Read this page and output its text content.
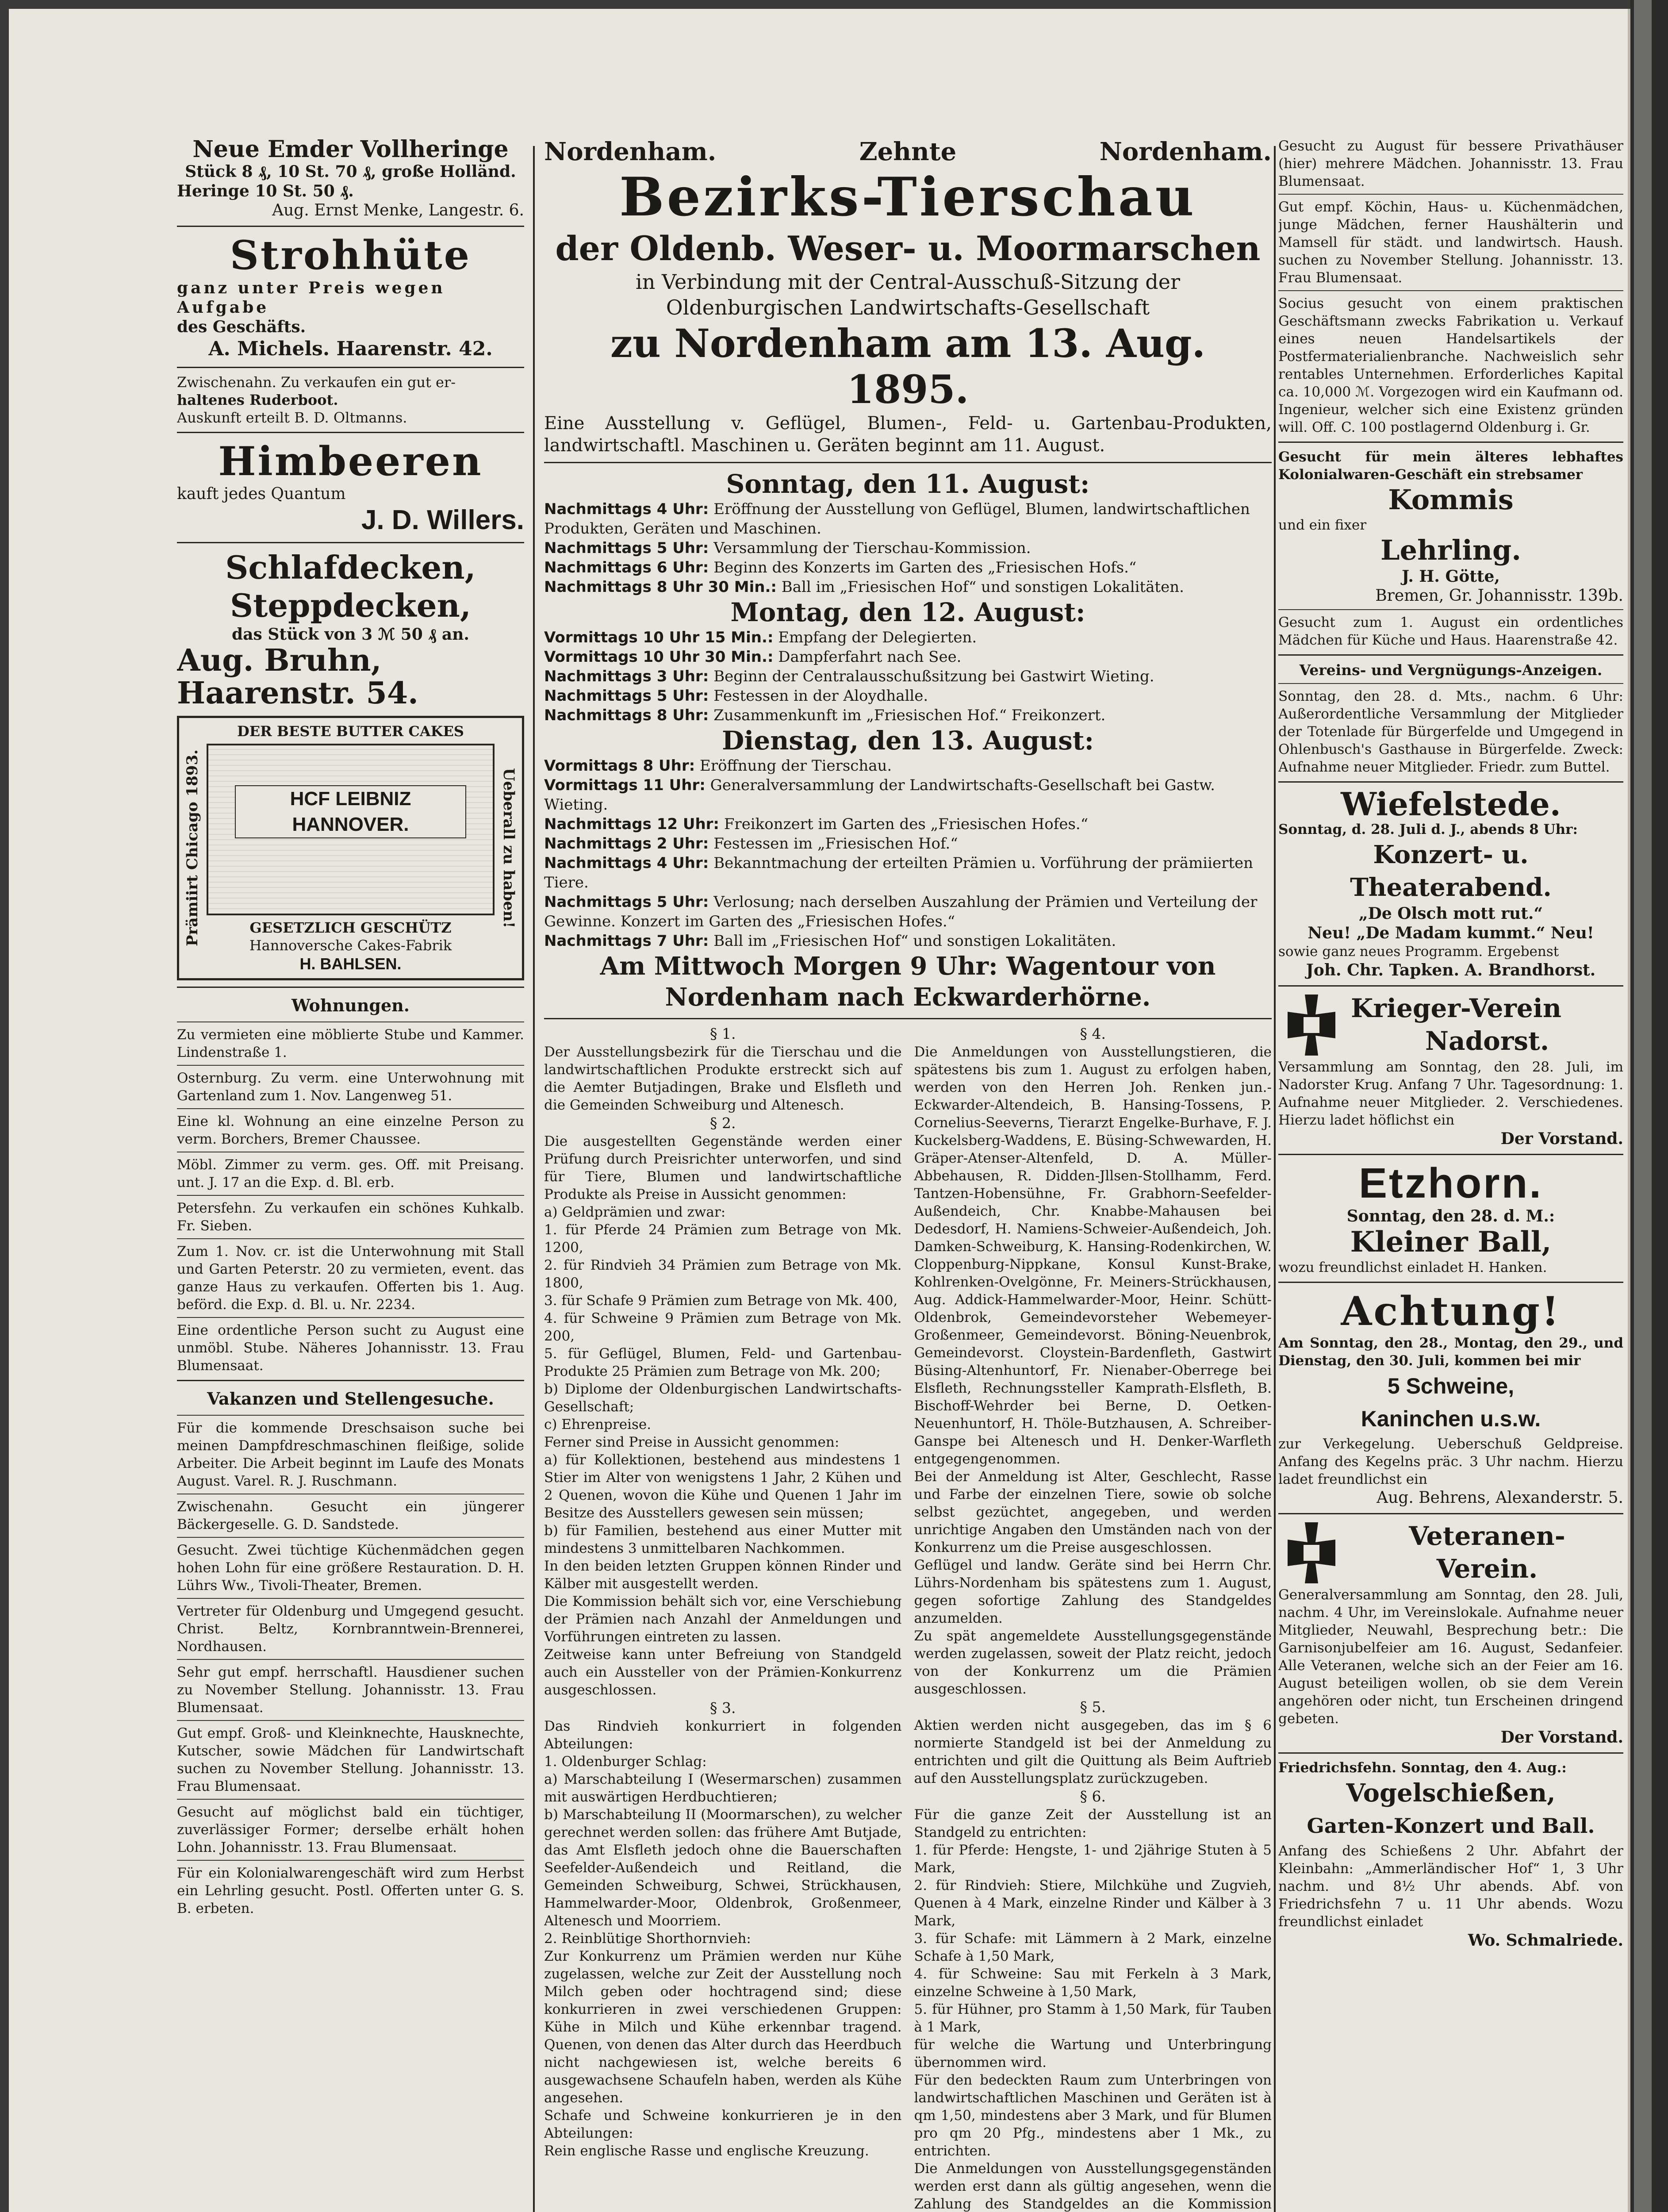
Neue Emder Vollheringe
Stück 8 ₰, 10 St. 70 ₰, große Holländ.
Heringe 10 St. 50 ₰.
Aug. Ernst Menke, Langestr. 6.
Strohhüte
ganz unter Preis wegen Aufgabe
des Geschäfts.
A. Michels. Haarenstr. 42.
Zwischenahn. Zu verkaufen ein gut er-
haltenes Ruderboot.
Auskunft erteilt B. D. Oltmanns.
Himbeeren
kauft jedes Quantum
J. D. Willers.
Schlafdecken,
Steppdecken,
das Stück von 3 ℳ 50 ₰ an.
Aug. Bruhn, Haarenstr. 54.
Prämiirt Chicago 1893.
DER BESTE BUTTER CAKES
HCF LEIBNIZ HANNOVER.
GESETZLICH GESCHÜTZ
Hannoversche Cakes-Fabrik
H. BAHLSEN.
Ueberall zu haben!
Wohnungen.
Zu vermieten eine möblierte Stube und Kammer. Lindenstraße 1.
Osternburg. Zu verm. eine Unterwohnung mit Gartenland zum 1. Nov. Langenweg 51.
Eine kl. Wohnung an eine einzelne Person zu verm. Borchers, Bremer Chaussee.
Möbl. Zimmer zu verm. ges. Off. mit Preisang. unt. J. 17 an die Exp. d. Bl. erb.
Petersfehn. Zu verkaufen ein schönes Kuhkalb. Fr. Sieben.
Zum 1. Nov. cr. ist die Unterwohnung mit Stall und Garten Peterstr. 20 zu vermieten, event. das ganze Haus zu verkaufen. Offerten bis 1. Aug. beförd. die Exp. d. Bl. u. Nr. 2234.
Eine ordentliche Person sucht zu August eine unmöbl. Stube. Näheres Johannisstr. 13. Frau Blumensaat.
Vakanzen und Stellengesuche.
Für die kommende Dreschsaison suche bei meinen Dampfdreschmaschinen fleißige, solide Arbeiter. Die Arbeit beginnt im Laufe des Monats August. Varel. R. J. Ruschmann.
Zwischenahn. Gesucht ein jüngerer Bäckergeselle. G. D. Sandstede.
Gesucht. Zwei tüchtige Küchenmädchen gegen hohen Lohn für eine größere Restauration. D. H. Lührs Ww., Tivoli-Theater, Bremen.
Vertreter für Oldenburg und Umgegend gesucht. Christ. Beltz, Kornbranntwein-Brennerei, Nordhausen.
Sehr gut empf. herrschaftl. Hausdiener suchen zu November Stellung. Johannisstr. 13. Frau Blumensaat.
Gut empf. Groß- und Kleinknechte, Hausknechte, Kutscher, sowie Mädchen für Landwirtschaft suchen zu November Stellung. Johannisstr. 13. Frau Blumensaat.
Gesucht auf möglichst bald ein tüchtiger, zuverlässiger Former; derselbe erhält hohen Lohn. Johannisstr. 13. Frau Blumensaat.
Für ein Kolonialwarengeschäft wird zum Herbst ein Lehrling gesucht. Postl. Offerten unter G. S. B. erbeten.
Nordenham.	Zehnte	Nordenham.
Bezirks-Tierschau
der Oldenb. Weser- u. Moormarschen
in Verbindung mit der Central-Ausschuß-Sitzung der
Oldenburgischen Landwirtschafts-Gesellschaft
zu Nordenham am 13. Aug. 1895.
Eine Ausstellung v. Geflügel, Blumen-, Feld- u. Gartenbau-Produkten, landwirtschaftl. Maschinen u. Geräten beginnt am 11. August.
Sonntag, den 11. August:
Nachmittags 4 Uhr: Eröffnung der Ausstellung von Geflügel, Blumen, landwirtschaftlichen Produkten, Geräten und Maschinen.
Nachmittags 5 Uhr: Versammlung der Tierschau-Kommission.
Nachmittags 6 Uhr: Beginn des Konzerts im Garten des „Friesischen Hofs.“
Nachmittags 8 Uhr 30 Min.: Ball im „Friesischen Hof“ und sonstigen Lokalitäten.
Montag, den 12. August:
Vormittags 10 Uhr 15 Min.: Empfang der Delegierten.
Vormittags 10 Uhr 30 Min.: Dampferfahrt nach See.
Nachmittags 3 Uhr: Beginn der Centralausschußsitzung bei Gastwirt Wieting.
Nachmittags 5 Uhr: Festessen in der Aloydhalle.
Nachmittags 8 Uhr: Zusammenkunft im „Friesischen Hof.“ Freikonzert.
Dienstag, den 13. August:
Vormittags 8 Uhr: Eröffnung der Tierschau.
Vormittags 11 Uhr: Generalversammlung der Landwirtschafts-Gesellschaft bei Gastw. Wieting.
Nachmittags 12 Uhr: Freikonzert im Garten des „Friesischen Hofes.“
Nachmittags 2 Uhr: Festessen im „Friesischen Hof.“
Nachmittags 4 Uhr: Bekanntmachung der erteilten Prämien u. Vorführung der prämiierten Tiere.
Nachmittags 5 Uhr: Verlosung; nach derselben Auszahlung der Prämien und Verteilung der Gewinne. Konzert im Garten des „Friesischen Hofes.“
Nachmittags 7 Uhr: Ball im „Friesischen Hof“ und sonstigen Lokalitäten.
Am Mittwoch Morgen 9 Uhr: Wagentour von Nordenham nach Eckwarderhörne.
§ 1.
Der Ausstellungsbezirk für die Tierschau und die landwirtschaftlichen Produkte erstreckt sich auf die Aemter Butjadingen, Brake und Elsfleth und die Gemeinden Schweiburg und Altenesch.
§ 2.
Die ausgestellten Gegenstände werden einer Prüfung durch Preisrichter unterworfen, und sind für Tiere, Blumen und landwirtschaftliche Produkte als Preise in Aussicht genommen:
a) Geldprämien und zwar:
1. für Pferde 24 Prämien zum Betrage von Mk. 1200,
2. für Rindvieh 34 Prämien zum Betrage von Mk. 1800,
3. für Schafe 9 Prämien zum Betrage von Mk. 400,
4. für Schweine 9 Prämien zum Betrage von Mk. 200,
5. für Geflügel, Blumen, Feld- und Gartenbau-Produkte 25 Prämien zum Betrage von Mk. 200;
b) Diplome der Oldenburgischen Landwirtschafts-Gesellschaft;
c) Ehrenpreise.
Ferner sind Preise in Aussicht genommen:
a) für Kollektionen, bestehend aus mindestens 1 Stier im Alter von wenigstens 1 Jahr, 2 Kühen und 2 Quenen, wovon die Kühe und Quenen 1 Jahr im Besitze des Ausstellers gewesen sein müssen;
b) für Familien, bestehend aus einer Mutter mit mindestens 3 unmittelbaren Nachkommen.
In den beiden letzten Gruppen können Rinder und Kälber mit ausgestellt werden.
Die Kommission behält sich vor, eine Verschiebung der Prämien nach Anzahl der Anmeldungen und Vorführungen eintreten zu lassen.
Zeitweise kann unter Befreiung von Standgeld auch ein Aussteller von der Prämien-Konkurrenz ausgeschlossen.
§ 3.
Das Rindvieh konkurriert in folgenden Abteilungen:
1. Oldenburger Schlag:
a) Marschabteilung I (Wesermarschen) zusammen mit auswärtigen Herdbuchtieren;
b) Marschabteilung II (Moormarschen), zu welcher gerechnet werden sollen: das frühere Amt Butjade, das Amt Elsfleth jedoch ohne die Bauerschaften Seefelder-Außendeich und Reitland, die Gemeinden Schweiburg, Schwei, Strückhausen, Hammelwarder-Moor, Oldenbrok, Großenmeer, Altenesch und Moorriem.
2. Reinblütige Shorthornvieh:
Zur Konkurrenz um Prämien werden nur Kühe zugelassen, welche zur Zeit der Ausstellung noch Milch geben oder hochtragend sind; diese konkurrieren in zwei verschiedenen Gruppen: Kühe in Milch und Kühe erkennbar tragend. Quenen, von denen das Alter durch das Heerdbuch nicht nachgewiesen ist, welche bereits 6 ausgewachsene Schaufeln haben, werden als Kühe angesehen.
Schafe und Schweine konkurrieren je in den Abteilungen:
Rein englische Rasse und englische Kreuzung.
§ 4.
Die Anmeldungen von Ausstellungstieren, die spätestens bis zum 1. August zu erfolgen haben, werden von den Herren Joh. Renken jun.-Eckwarder-Altendeich, B. Hansing-Tossens, P. Cornelius-Seeverns, Tierarzt Engelke-Burhave, F. J. Kuckelsberg-Waddens, E. Büsing-Schwewarden, H. Gräper-Atenser-Altenfeld, D. A. Müller-Abbehausen, R. Didden-Jllsen-Stollhamm, Ferd. Tantzen-Hobensühne, Fr. Grabhorn-Seefelder-Außendeich, Chr. Knabbe-Mahausen bei Dedesdorf, H. Namiens-Schweier-Außendeich, Joh. Damken-Schweiburg, K. Hansing-Rodenkirchen, W. Cloppenburg-Nippkane, Konsul Kunst-Brake, Kohlrenken-Ovelgönne, Fr. Meiners-Strückhausen, Aug. Addick-Hammelwarder-Moor, Heinr. Schütt-Oldenbrok, Gemeindevorsteher Webemeyer-Großenmeer, Gemeindevorst. Böning-Neuenbrok, Gemeindevorst. Cloystein-Bardenfleth, Gastwirt Büsing-Altenhuntorf, Fr. Nienaber-Oberrege bei Elsfleth, Rechnungssteller Kamprath-Elsfleth, B. Bischoff-Wehrder bei Berne, D. Oetken-Neuenhuntorf, H. Thöle-Butzhausen, A. Schreiber-Ganspe bei Altenesch und H. Denker-Warfleth entgegengenommen.
Bei der Anmeldung ist Alter, Geschlecht, Rasse und Farbe der einzelnen Tiere, sowie ob solche selbst gezüchtet, angegeben, und werden unrichtige Angaben den Umständen nach von der Konkurrenz um die Preise ausgeschlossen.
Geflügel und landw. Geräte sind bei Herrn Chr. Lührs-Nordenham bis spätestens zum 1. August, gegen sofortige Zahlung des Standgeldes anzumelden.
Zu spät angemeldete Ausstellungsgegenstände werden zugelassen, soweit der Platz reicht, jedoch von der Konkurrenz um die Prämien ausgeschlossen.
§ 5.
Aktien werden nicht ausgegeben, das im § 6 normierte Standgeld ist bei der Anmeldung zu entrichten und gilt die Quittung als Beim Auftrieb auf den Ausstellungsplatz zurückzugeben.
§ 6.
Für die ganze Zeit der Ausstellung ist an Standgeld zu entrichten:
1. für Pferde: Hengste, 1- und 2jährige Stuten à 5 Mark,
2. für Rindvieh: Stiere, Milchkühe und Zugvieh, Quenen à 4 Mark, einzelne Rinder und Kälber à 3 Mark,
3. für Schafe: mit Lämmern à 2 Mark, einzelne Schafe à 1,50 Mark,
4. für Schweine: Sau mit Ferkeln à 3 Mark, einzelne Schweine à 1,50 Mark,
5. für Hühner, pro Stamm à 1,50 Mark, für Tauben à 1 Mark,
für welche die Wartung und Unterbringung übernommen wird.
Für den bedeckten Raum zum Unterbringen von landwirtschaftlichen Maschinen und Geräten ist à qm 1,50, mindestens aber 3 Mark, und für Blumen pro qm 20 Pfg., mindestens aber 1 Mk., zu entrichten.
Die Anmeldungen von Ausstellungsgegenständen werden erst dann als gültig angesehen, wenn die Zahlung des Standgeldes an die Kommission
Gesucht zu August für bessere Privathäuser (hier) mehrere Mädchen. Johannisstr. 13. Frau Blumensaat.
Gut empf. Köchin, Haus- u. Küchenmädchen, junge Mädchen, ferner Haushälterin und Mamsell für städt. und landwirtsch. Haush. suchen zu November Stellung. Johannisstr. 13. Frau Blumensaat.
Socius gesucht von einem praktischen Geschäftsmann zwecks Fabrikation u. Verkauf eines neuen Handelsartikels der Postfermaterialienbranche. Nachweislich sehr rentables Unternehmen. Erforderliches Kapital ca. 10,000 ℳ. Vorgezogen wird ein Kaufmann od. Ingenieur, welcher sich eine Existenz gründen will. Off. C. 100 postlagernd Oldenburg i. Gr.
Gesucht für mein älteres lebhaftes Kolonialwaren-Geschäft ein strebsamer
Kommis
und ein fixer
Lehrling.
J. H. Götte,
Bremen, Gr. Johannisstr. 139b.
Gesucht zum 1. August ein ordentliches Mädchen für Küche und Haus. Haarenstraße 42.
Vereins- und Vergnügungs-Anzeigen.
Sonntag, den 28. d. Mts., nachm. 6 Uhr: Außerordentliche Versammlung der Mitglieder der Totenlade für Bürgerfelde und Umgegend in Ohlenbusch's Gasthause in Bürgerfelde. Zweck: Aufnahme neuer Mitglieder. Friedr. zum Buttel.
Wiefelstede.
Sonntag, d. 28. Juli d. J., abends 8 Uhr:
Konzert- u. Theaterabend.
„De Olsch mott rut.“
Neu! „De Madam kummt.“ Neu!
sowie ganz neues Programm. Ergebenst
Joh. Chr. Tapken. A. Brandhorst.
Krieger-Verein
Nadorst.
Versammlung am Sonntag, den 28. Juli, im Nadorster Krug. Anfang 7 Uhr. Tagesordnung: 1. Aufnahme neuer Mitglieder. 2. Verschiedenes. Hierzu ladet höflichst ein
Der Vorstand.
Etzhorn.
Sonntag, den 28. d. M.:
Kleiner Ball,
wozu freundlichst einladet H. Hanken.
Achtung!
Am Sonntag, den 28., Montag, den 29., und Dienstag, den 30. Juli, kommen bei mir
5 Schweine,
Kaninchen u.s.w.
zur Verkegelung. Ueberschuß Geldpreise. Anfang des Kegelns präc. 3 Uhr nachm. Hierzu ladet freundlichst ein
Aug. Behrens, Alexanderstr. 5.
Veteranen-
Verein.
Generalversammlung am Sonntag, den 28. Juli, nachm. 4 Uhr, im Vereinslokale. Aufnahme neuer Mitglieder, Neuwahl, Besprechung betr.: Die Garnisonjubelfeier am 16. August, Sedanfeier. Alle Veteranen, welche sich an der Feier am 16. August beteiligen wollen, ob sie dem Verein angehören oder nicht, tun Erscheinen dringend gebeten.
Der Vorstand.
Friedrichsfehn. Sonntag, den 4. Aug.:
Vogelschießen,
Garten-Konzert und Ball.
Anfang des Schießens 2 Uhr. Abfahrt der Kleinbahn: „Ammerländischer Hof“ 1, 3 Uhr nachm. und 8½ Uhr abends. Abf. von Friedrichsfehn 7 u. 11 Uhr abends. Wozu freundlichst einladet
Wo. Schmalriede.
